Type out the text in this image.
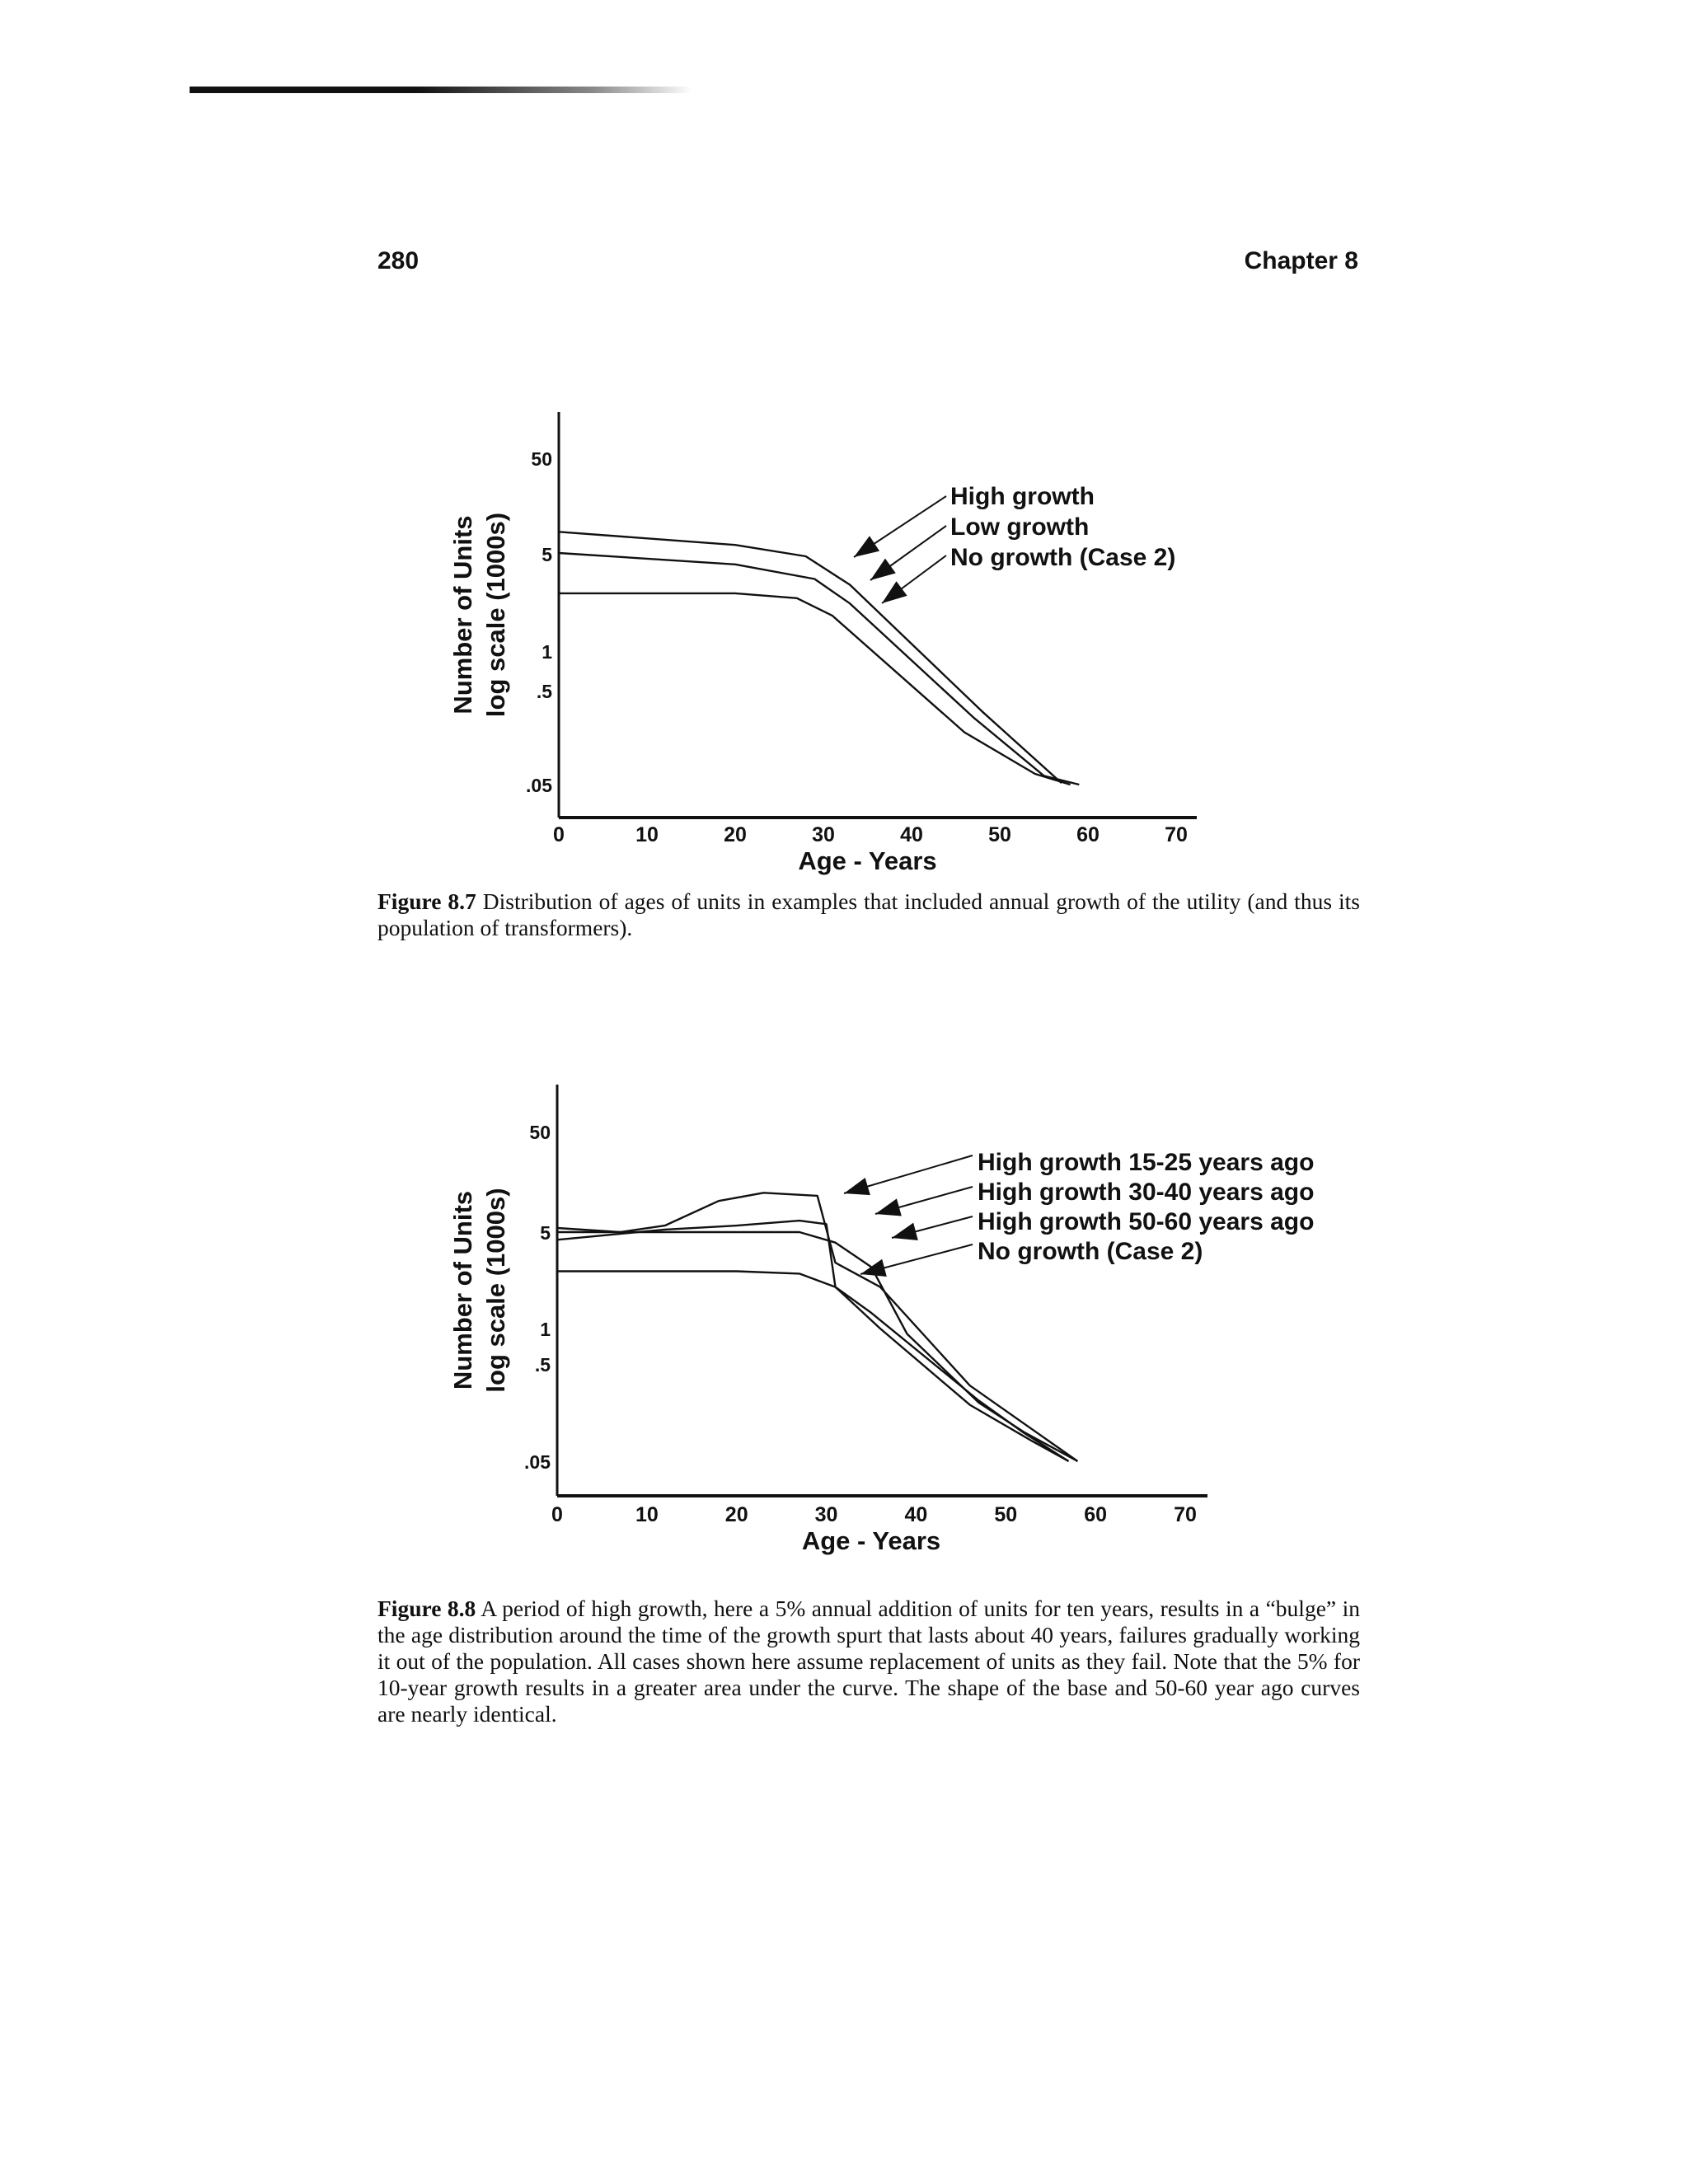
280	Chapter 8
50
5
1
.5
.05
0	10	20	30	40	50	60	70
Age - Years
Number of Units log scale (1000s)
High growth
Low growth
No growth (Case 2)
Figure 8.7 Distribution of ages of units in examples that included annual growth of the utility (and thus its population of transformers).
50
5
1
.5
.05
0	10	20	30	40	50	60	70
Age - Years
Number of Units log scale (1000s)
High growth 15-25 years ago
High growth 30-40 years ago
High growth 50-60 years ago
No growth (Case 2)
Figure 8.8 A period of high growth, here a 5% annual addition of units for ten years, results in a “bulge” in the age distribution around the time of the growth spurt that lasts about 40 years, failures gradually working it out of the population. All cases shown here assume replacement of units as they fail. Note that the 5% for 10-year growth results in a greater area under the curve. The shape of the base and 50-60 year ago curves are nearly identical.
